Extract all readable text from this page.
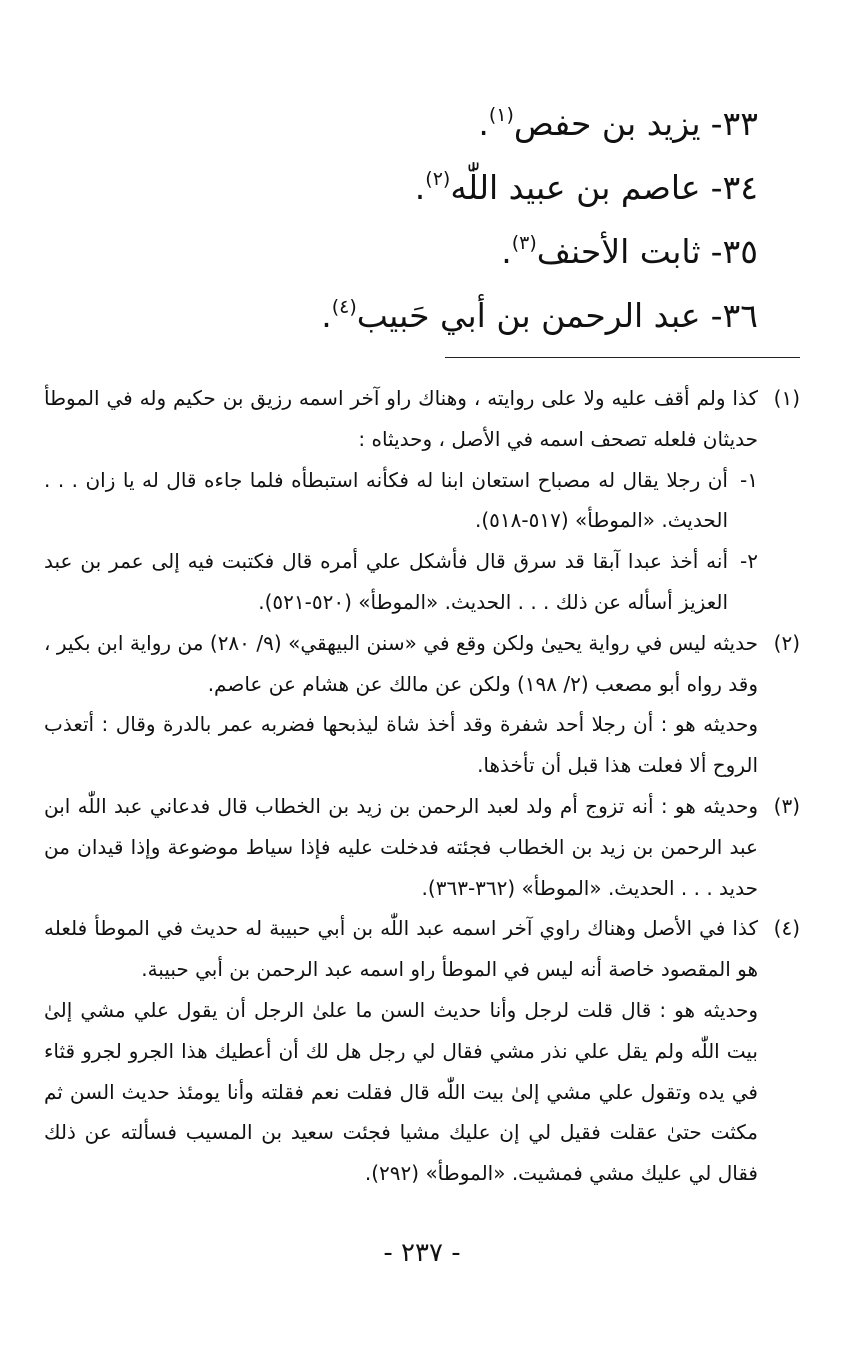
٣٣-يزيد بن حفص$^{(١)}$.
٣٤-عاصم بن عبيد اللّٰه$^{(٢)}$.
٣٥-ثابت الأحنف$^{(٣)}$.
٣٦-عبد الرحمن بن أبي حَبيب$^{(٤)}$.
(١)

كذا ولم أقف عليه ولا على روايته ، وهناك راو آخر اسمه رزيق بن حكيم وله في الموطأ حديثان فلعله تصحف اسمه في الأصل ، وحديثاه :

١-

أن رجلا يقال له مصباح استعان ابنا له فكأنه استبطأه فلما جاءه قال له يا زان . . . الحديث. «الموطأ» (٥١٧-٥١٨).

٢-

أنه أخذ عبدا آبقا قد سرق قال فأشكل علي أمره قال فكتبت فيه إلى عمر بن عبد العزيز أسأله عن ذلك . . . الحديث. «الموطأ» (٥٢٠-٥٢١).

(٢)

حديثه ليس في رواية يحيىٰ ولكن وقع في «سنن البيهقي» (٩/ ٢٨٠) من رواية ابن بكير ، وقد رواه أبو مصعب (٢/ ١٩٨) ولكن عن مالك عن هشام عن عاصم.

وحديثه هو : أن رجلا أحد شفرة وقد أخذ شاة ليذبحها فضربه عمر بالدرة وقال : أتعذب الروح ألا فعلت هذا قبل أن تأخذها.

(٣)

وحديثه هو : أنه تزوج أم ولد لعبد الرحمن بن زيد بن الخطاب قال فدعاني عبد اللّٰه ابن عبد الرحمن بن زيد بن الخطاب فجئته فدخلت عليه فإذا سياط موضوعة وإذا قيدان من حديد . . . الحديث. «الموطأ» (٣٦٢-٣٦٣).

(٤)

كذا في الأصل وهناك راوي آخر اسمه عبد اللّٰه بن أبي حبيبة له حديث في الموطأ فلعله هو المقصود خاصة أنه ليس في الموطأ راو اسمه عبد الرحمن بن أبي حبيبة.

وحديثه هو : قال قلت لرجل وأنا حديث السن ما علىٰ الرجل أن يقول علي مشي إلىٰ بيت اللّٰه ولم يقل علي نذر مشي فقال لي رجل هل لك أن أعطيك هذا الجرو لجرو قثاء في يده وتقول علي مشي إلىٰ بيت اللّٰه قال فقلت نعم فقلته وأنا يومئذ حديث السن ثم مكثت حتىٰ عقلت فقيل لي إن عليك مشيا فجئت سعيد بن المسيب فسألته عن ذلك فقال لي عليك مشي فمشيت. «الموطأ» (٢٩٢).

- ٢٣٧ -
